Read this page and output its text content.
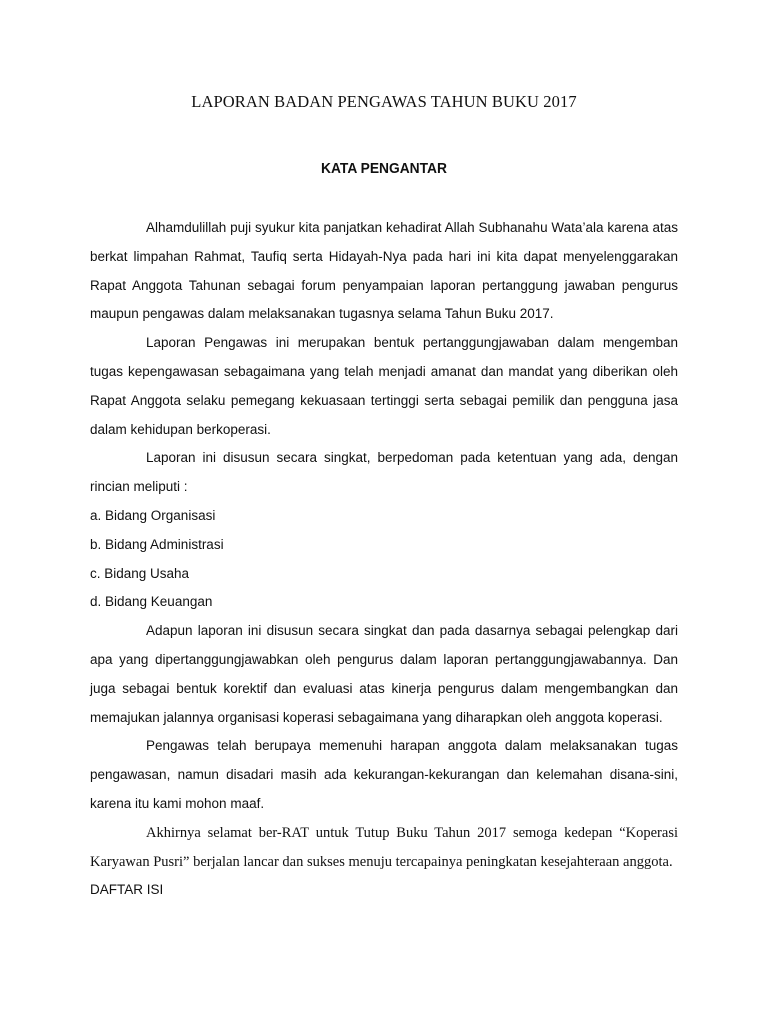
LAPORAN BADAN PENGAWAS TAHUN BUKU 2017
KATA PENGANTAR

Alhamdulillah puji syukur kita panjatkan kehadirat Allah Subhanahu Wata’ala karena atas berkat limpahan Rahmat, Taufiq serta Hidayah-Nya pada hari ini kita dapat menyelenggarakan Rapat Anggota Tahunan sebagai forum penyampaian laporan pertanggung jawaban pengurus maupun pengawas dalam melaksanakan tugasnya selama Tahun Buku 2017.

Laporan Pengawas ini merupakan bentuk pertanggungjawaban dalam mengemban tugas kepengawasan sebagaimana yang telah menjadi amanat dan mandat yang diberikan oleh Rapat Anggota selaku pemegang kekuasaan tertinggi serta sebagai pemilik dan pengguna jasa dalam kehidupan berkoperasi.

Laporan ini disusun secara singkat, berpedoman pada ketentuan yang ada, dengan rincian meliputi :

a. Bidang Organisasi

b. Bidang Administrasi

c. Bidang Usaha

d. Bidang Keuangan

Adapun laporan ini disusun secara singkat dan pada dasarnya sebagai pelengkap dari apa yang dipertanggungjawabkan oleh pengurus dalam laporan pertanggungjawabannya. Dan juga sebagai bentuk korektif dan evaluasi atas kinerja pengurus dalam mengembangkan dan memajukan jalannya organisasi koperasi sebagaimana yang diharapkan oleh anggota koperasi.

Pengawas telah berupaya memenuhi harapan anggota dalam melaksanakan tugas pengawasan, namun disadari masih ada kekurangan-kekurangan dan kelemahan disana-sini, karena itu kami mohon maaf.

Akhirnya selamat ber-RAT untuk Tutup Buku Tahun 2017 semoga kedepan “Koperasi Karyawan Pusri” berjalan lancar dan sukses menuju tercapainya peningkatan kesejahteraan anggota.

DAFTAR ISI
